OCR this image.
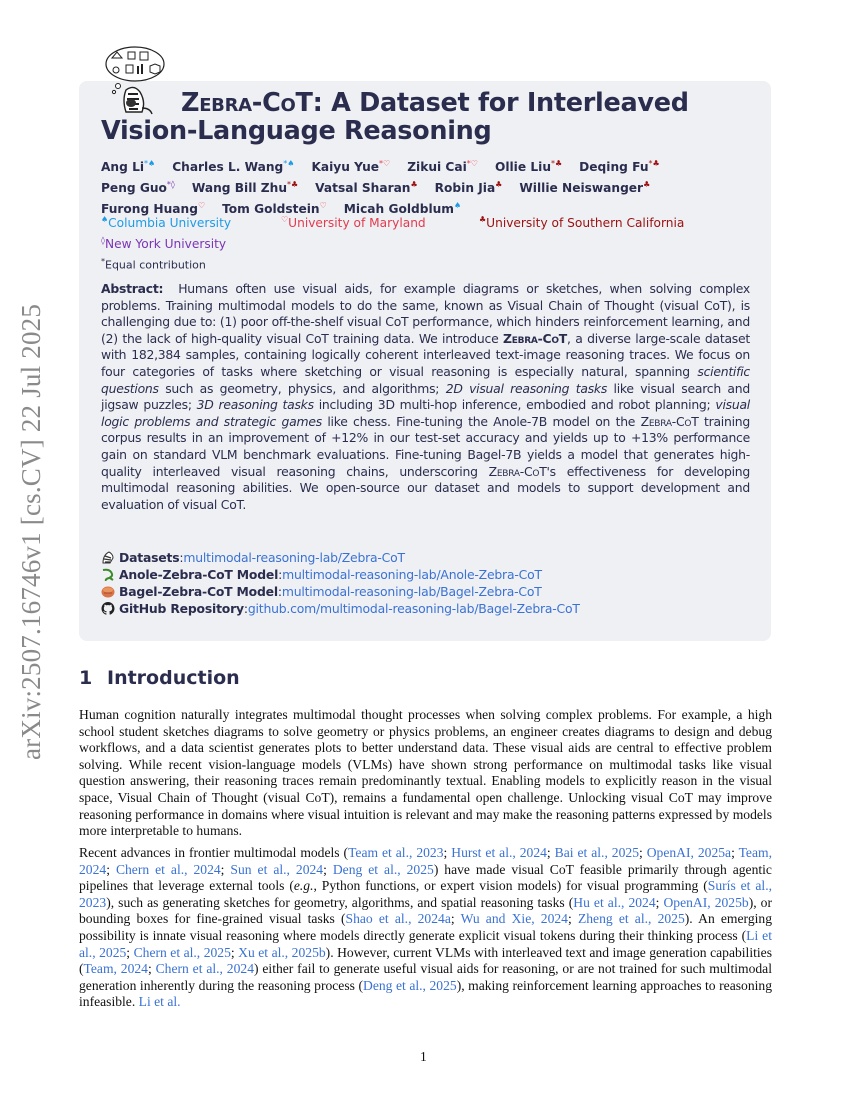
arXiv:2507.16746v1 [cs.CV] 22 Jul 2025
Zebra-CoT: A Dataset for Interleaved
Vision-Language Reasoning
Ang Li*♠ Charles L. Wang*♠ Kaiyu Yue*♡ Zikui Cai*♡ Ollie Liu*♣ Deqing Fu*♣
Peng Guo*◊ Wang Bill Zhu*♣ Vatsal Sharan♣ Robin Jia♣ Willie Neiswanger♣
Furong Huang♡ Tom Goldstein♡ Micah Goldblum♠
♠Columbia University	♡University of Maryland	♣University of Southern California
◊New York University
*Equal contribution
Abstract: Humans often use visual aids, for example diagrams or sketches, when solving complex problems. Training multimodal models to do the same, known as Visual Chain of Thought (visual CoT), is challenging due to: (1) poor off-the-shelf visual CoT performance, which hinders reinforcement learning, and (2) the lack of high-quality visual CoT training data. We introduce Zebra-CoT, a diverse large-scale dataset with 182,384 samples, containing logically coherent interleaved text-image reasoning traces. We focus on four categories of tasks where sketching or visual reasoning is especially natural, spanning scientific questions such as geometry, physics, and algorithms; 2D visual reasoning tasks like visual search and jigsaw puzzles; 3D reasoning tasks including 3D multi-hop inference, embodied and robot planning; visual logic problems and strategic games like chess. Fine-tuning the Anole-7B model on the Zebra-CoT training corpus results in an improvement of +12% in our test-set accuracy and yields up to +13% performance gain on standard VLM benchmark evaluations. Fine-tuning Bagel-7B yields a model that generates high-quality interleaved visual reasoning chains, underscoring Zebra-CoT's effectiveness for developing multimodal reasoning abilities. We open-source our dataset and models to support development and evaluation of visual CoT.
Datasets : multimodal-reasoning-lab/Zebra-CoT
Anole-Zebra-CoT Model : multimodal-reasoning-lab/Anole-Zebra-CoT
Bagel-Zebra-CoT Model : multimodal-reasoning-lab/Bagel-Zebra-CoT
GitHub Repository : github.com/multimodal-reasoning-lab/Bagel-Zebra-CoT
1 Introduction
Human cognition naturally integrates multimodal thought processes when solving complex problems. For example, a high school student sketches diagrams to solve geometry or physics problems, an engineer creates diagrams to design and debug workflows, and a data scientist generates plots to better understand data. These visual aids are central to effective problem solving. While recent vision-language models (VLMs) have shown strong performance on multimodal tasks like visual question answering, their reasoning traces remain predominantly textual. Enabling models to explicitly reason in the visual space, Visual Chain of Thought (visual CoT), remains a fundamental open challenge. Unlocking visual CoT may improve reasoning performance in domains where visual intuition is relevant and may make the reasoning patterns expressed by models more interpretable to humans.
Recent advances in frontier multimodal models (Team et al., 2023; Hurst et al., 2024; Bai et al., 2025; OpenAI, 2025a; Team, 2024; Chern et al., 2024; Sun et al., 2024; Deng et al., 2025) have made visual CoT feasible primarily through agentic pipelines that leverage external tools (e.g., Python functions, or expert vision models) for visual programming (Surís et al., 2023), such as generating sketches for geometry, algorithms, and spatial reasoning tasks (Hu et al., 2024; OpenAI, 2025b), or bounding boxes for fine-grained visual tasks (Shao et al., 2024a; Wu and Xie, 2024; Zheng et al., 2025). An emerging possibility is innate visual reasoning where models directly generate explicit visual tokens during their thinking process (Li et al., 2025; Chern et al., 2025; Xu et al., 2025b). However, current VLMs with interleaved text and image generation capabilities (Team, 2024; Chern et al., 2024) either fail to generate useful visual aids for reasoning, or are not trained for such multimodal generation inherently during the reasoning process (Deng et al., 2025), making reinforcement learning approaches to reasoning infeasible. Li et al.
1
